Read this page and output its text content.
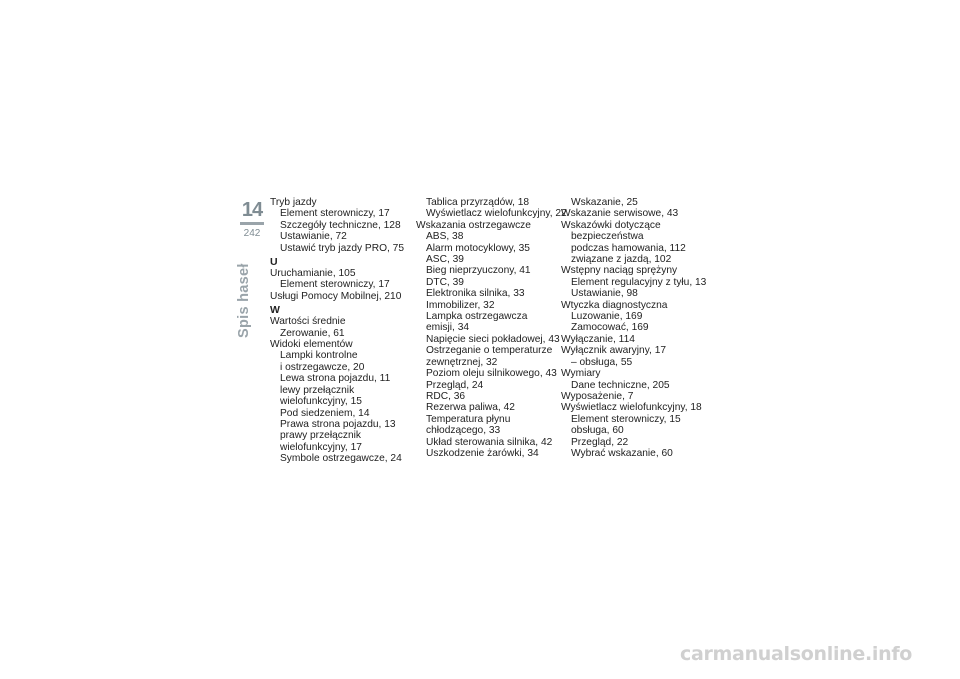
14
242
Spis haseł

Tryb jazdy

Element sterowniczy, 17

Szczegóły techniczne, 128

Ustawianie, 72

Ustawić tryb jazdy PRO, 75

U

Uruchamianie, 105

Element sterowniczy, 17

Usługi Pomocy Mobilnej, 210

W

Wartości średnie

Zerowanie, 61

Widoki elementów

Lampki kontrolne

i ostrzegawcze, 20

Lewa strona pojazdu, 11

lewy przełącznik

wielofunkcyjny, 15

Pod siedzeniem, 14

Prawa strona pojazdu, 13

prawy przełącznik

wielofunkcyjny, 17

Symbole ostrzegawcze, 24

Tablica przyrządów, 18

Wyświetlacz wielofunkcyjny, 22

Wskazania ostrzegawcze

ABS, 38

Alarm motocyklowy, 35

ASC, 39

Bieg nieprzyuczony, 41

DTC, 39

Elektronika silnika, 33

Immobilizer, 32

Lampka ostrzegawcza

emisji, 34

Napięcie sieci pokładowej, 43

Ostrzeganie o temperaturze

zewnętrznej, 32

Poziom oleju silnikowego, 43

Przegląd, 24

RDC, 36

Rezerwa paliwa, 42

Temperatura płynu

chłodzącego, 33

Układ sterowania silnika, 42

Uszkodzenie żarówki, 34

Wskazanie, 25

Wskazanie serwisowe, 43

Wskazówki dotyczące

bezpieczeństwa

podczas hamowania, 112

związane z jazdą, 102

Wstępny naciąg sprężyny

Element regulacyjny z tyłu, 13

Ustawianie, 98

Wtyczka diagnostyczna

Luzowanie, 169

Zamocować, 169

Wyłączanie, 114

Wyłącznik awaryjny, 17

– obsługa, 55

Wymiary

Dane techniczne, 205

Wyposażenie, 7

Wyświetlacz wielofunkcyjny, 18

Element sterowniczy, 15

obsługa, 60

Przegląd, 22

Wybrać wskazanie, 60

carmanualsonline.info
